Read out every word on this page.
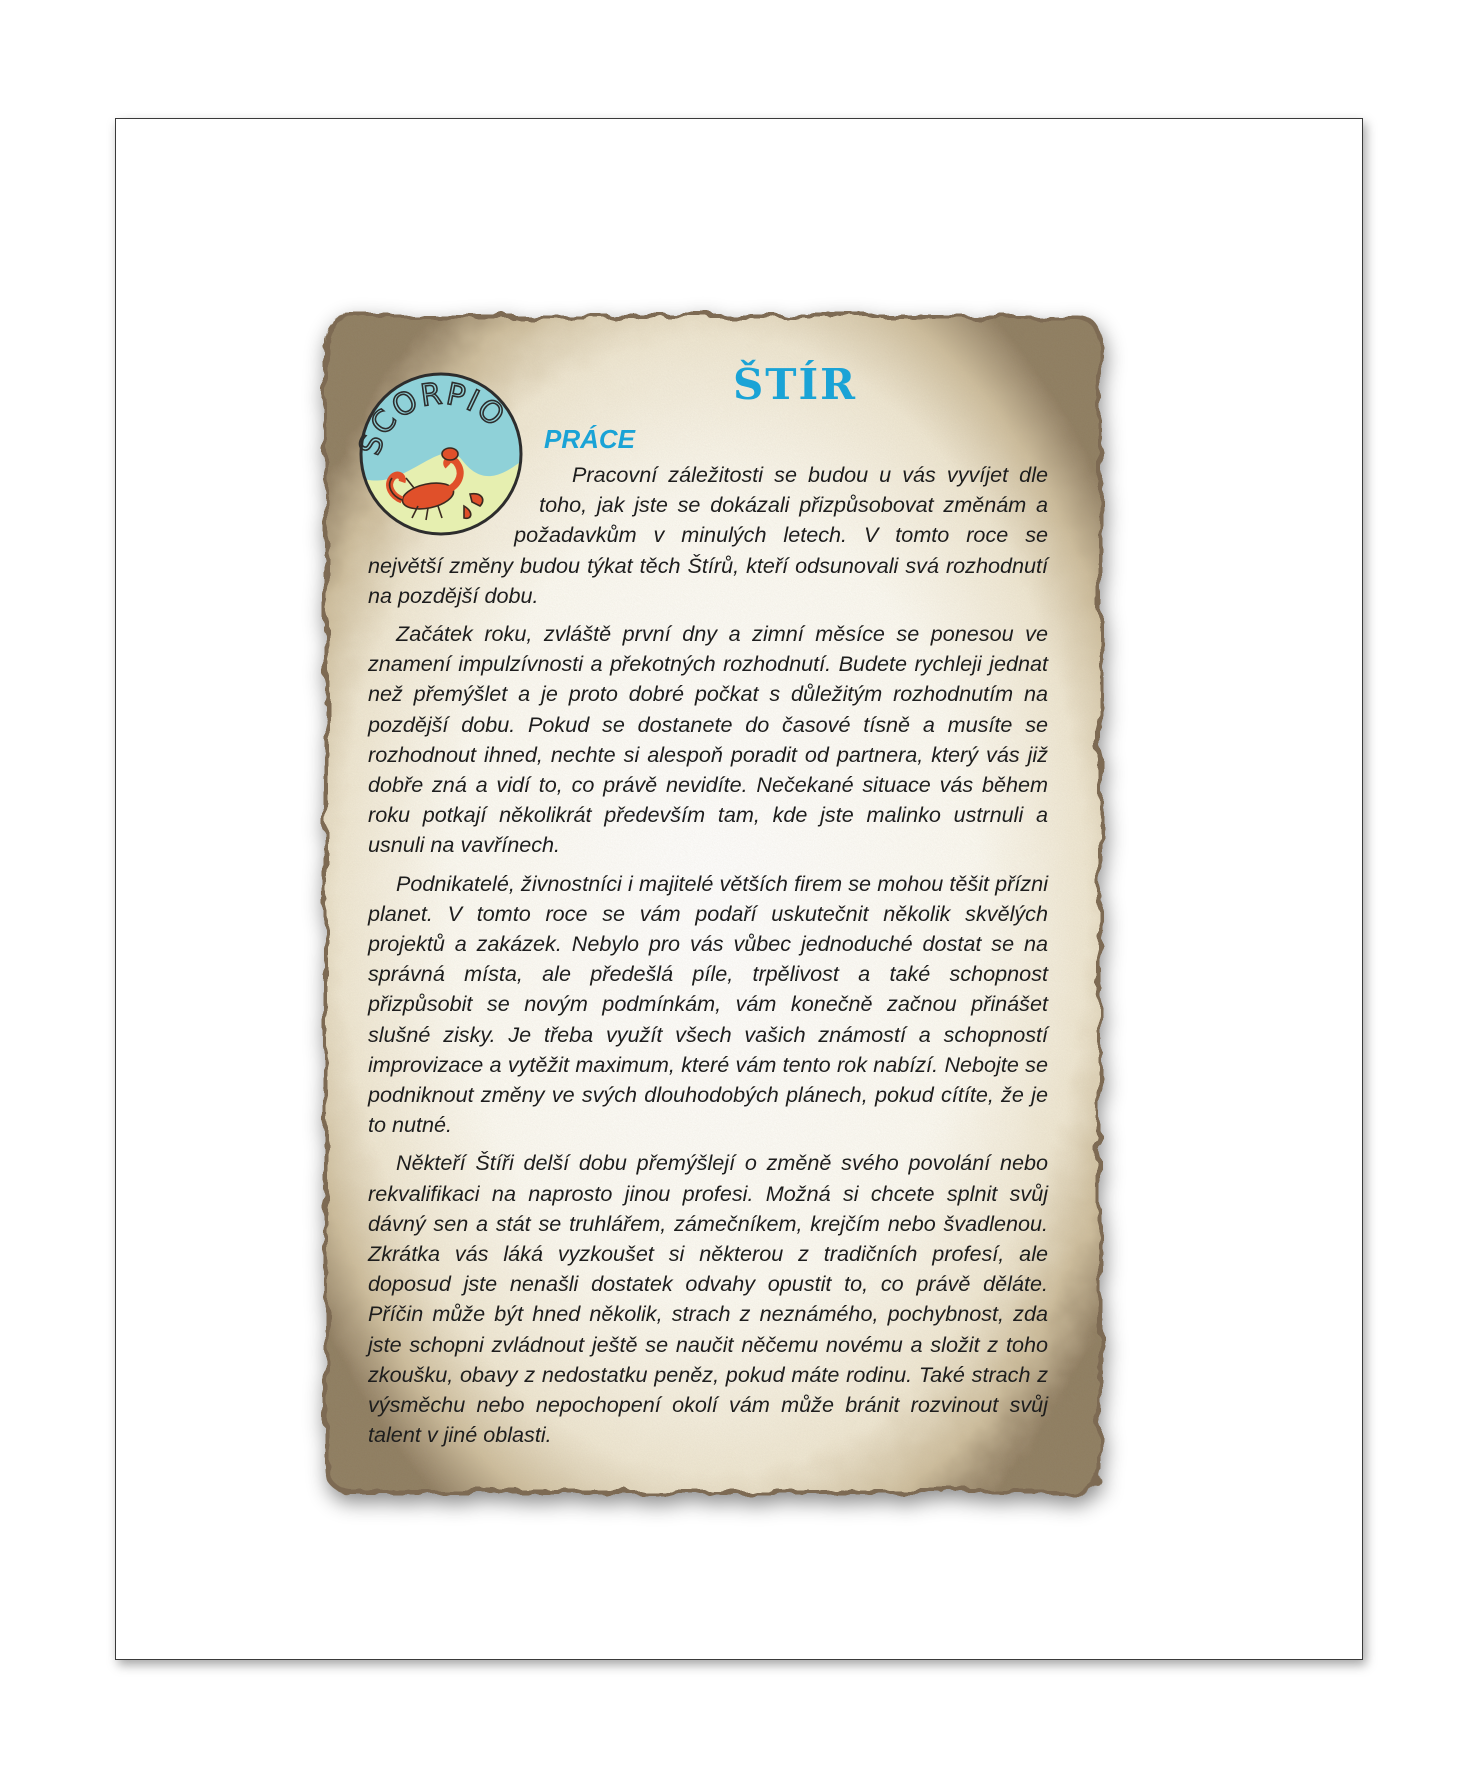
SCORPIO
ŠTÍR
PRÁCE

Pracovní záležitosti se budou u vás vyvíjet dle toho, jak jste se dokázali přizpůsobovat změnám a požadavkům v minulých letech. V tomto roce se největší změny budou týkat těch Štírů, kteří odsunovali svá rozhodnutí na pozdější dobu.

Začátek roku, zvláště první dny a zimní měsíce se ponesou ve znamení impulzívnosti a překotných rozhodnutí. Budete rychleji jednat než přemýšlet a je proto dobré počkat s důležitým rozhodnutím na pozdější dobu. Pokud se dostanete do časové tísně a musíte se rozhodnout ihned, nechte si alespoň poradit od partnera, který vás již dobře zná a vidí to, co právě nevidíte. Nečekané situace vás během roku potkají několikrát především tam, kde jste malinko ustrnuli a usnuli na vavřínech.

Podnikatelé, živnostníci i majitelé větších firem se mohou těšit přízni planet. V tomto roce se vám podaří uskutečnit několik skvělých projektů a zakázek. Nebylo pro vás vůbec jednoduché dostat se na správná místa, ale předešlá píle, trpělivost a také schopnost přizpůsobit se novým podmínkám, vám konečně začnou přinášet slušné zisky. Je třeba využít všech vašich známostí a schopností improvizace a vytěžit maximum, které vám tento rok nabízí. Nebojte se podniknout změny ve svých dlouhodobých plánech, pokud cítíte, že je to nutné.

Někteří Štíři delší dobu přemýšlejí o změně svého povolání nebo rekvalifikaci na naprosto jinou profesi. Možná si chcete splnit svůj dávný sen a stát se truhlářem, zámečníkem, krejčím nebo švadlenou. Zkrátka vás láká vyzkoušet si některou z tradičních profesí, ale doposud jste nenašli dostatek odvahy opustit to, co právě děláte. Příčin může být hned několik, strach z neznámého, pochybnost, zda jste schopni zvládnout ještě se naučit něčemu novému a složit z toho zkoušku, obavy z nedostatku peněz, pokud máte rodinu. Také strach z výsměchu nebo nepochopení okolí vám může bránit rozvinout svůj talent v jiné oblasti.
